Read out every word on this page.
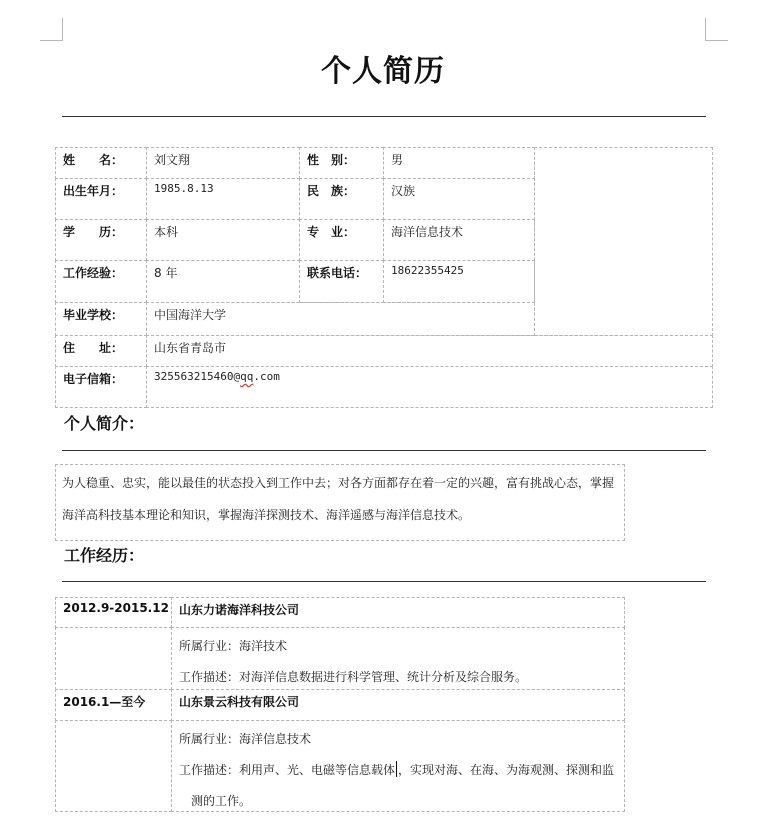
个人简历
姓　　名：	刘文翔	性　别：	男
出生年月：	1985.8.13	民　族：	汉族
学　　历：	本科	专　业：	海洋信息技术
工作经验：	8 年	联系电话：	18622355425
毕业学校：	中国海洋大学
住　　址：	山东省青岛市
电子信箱：	325563215460@qq.com
个人简介：
为人稳重、忠实，能以最佳的状态投入到工作中去；对各方面都存在着一定的兴趣，富有挑战心态，掌握
海洋高科技基本理论和知识，掌握海洋探测技术、海洋遥感与海洋信息技术。
工作经历：
2012.9-2015.12 山东力诺海洋科技公司
所属行业：海洋技术
工作描述：对海洋信息数据进行科学管理、统计分析及综合服务。
2016.1—至今	山东景云科技有限公司
所属行业：海洋信息技术
工作描述：利用声、光、电磁等信息载体 ，实现对海、在海、为海观测、探测和监
测的工作。
